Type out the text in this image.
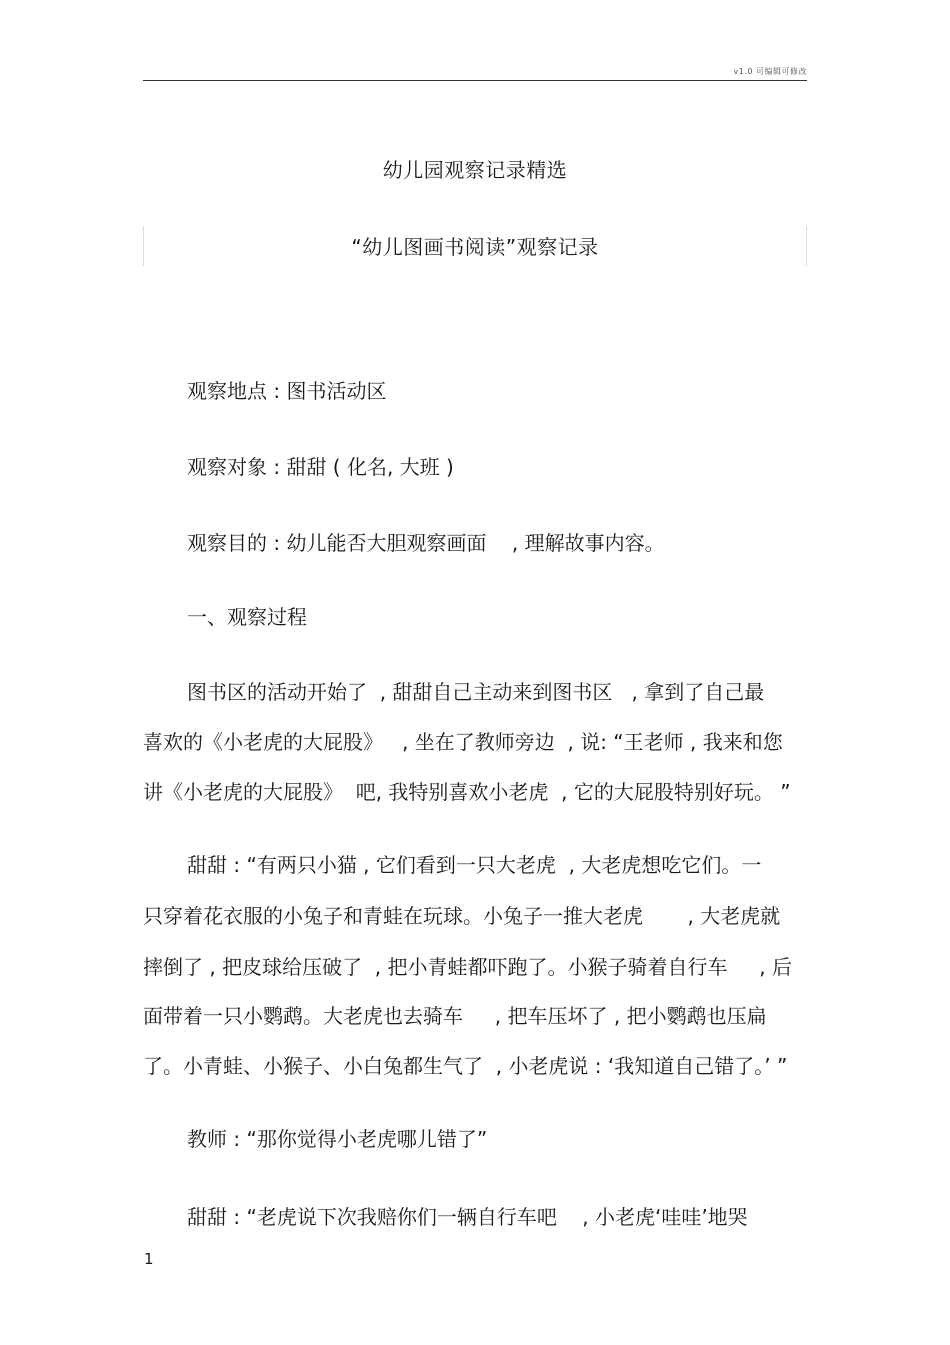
v1.0 可编辑可修改
幼儿园观察记录精选
“幼儿图画书阅读”观察记录
观察地点 : 图书活动区
观察对象 : 甜甜 ( 化名, 大班 )
观察目的 : 幼儿能否大胆观察画面    , 理解故事内容。
一、观察过程
图书区的活动开始了  , 甜甜自己主动来到图书区   , 拿到了自己最
喜欢的《小老虎的大屁股》   , 坐在了教师旁边  , 说: “王老师 , 我来和您
讲《小老虎的大屁股》  吧, 我特别喜欢小老虎  , 它的大屁股特别好玩。 ”
甜甜 : “有两只小猫 , 它们看到一只大老虎  , 大老虎想吃它们。一
只穿着花衣服的小兔子和青蛙在玩球。小兔子一推大老虎       , 大老虎就
摔倒了 , 把皮球给压破了  , 把小青蛙都吓跑了。小猴子骑着自行车     , 后
面带着一只小鹦鹉。大老虎也去骑车     , 把车压坏了 , 把小鹦鹉也压扁
了。小青蛙、小猴子、小白兔都生气了  , 小老虎说 : ‘我知道自己错了。’ ”
教师 : “那你觉得小老虎哪儿错了”
甜甜 : “老虎说下次我赔你们一辆自行车吧    , 小老虎‘哇哇’地哭
1
